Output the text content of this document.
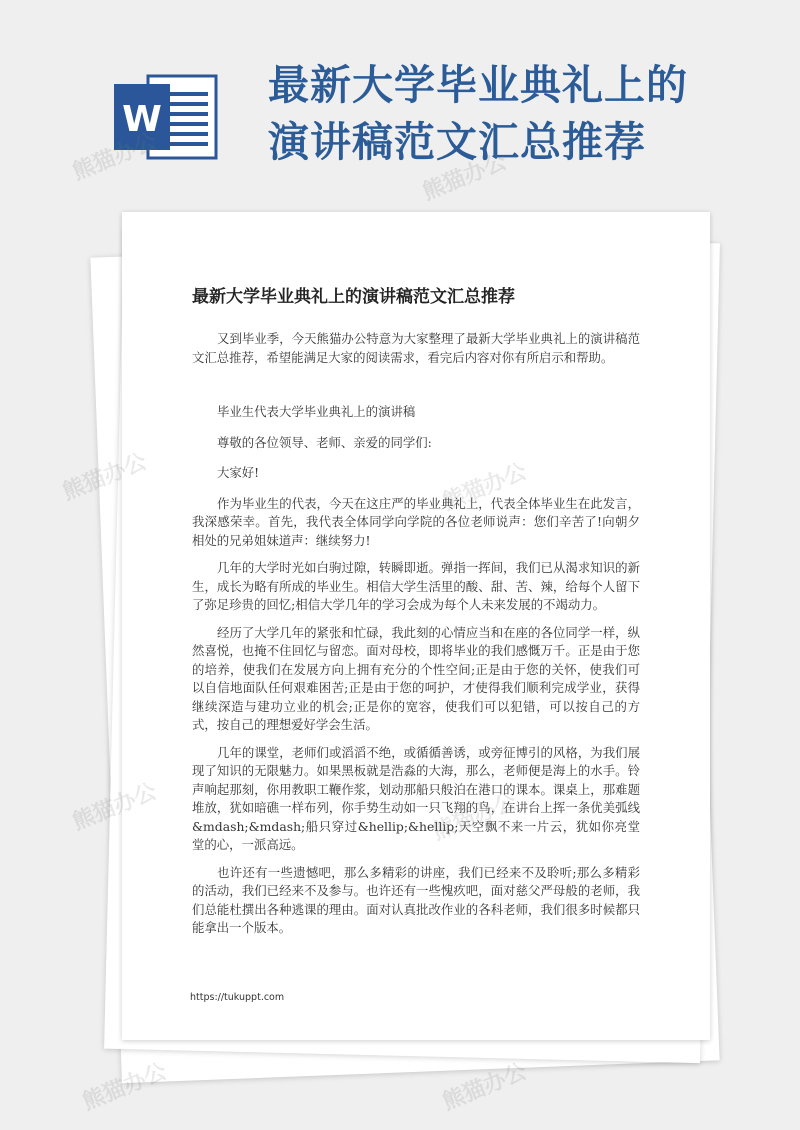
W
最新大学毕业典礼上的
演讲稿范文汇总推荐
最新大学毕业典礼上的演讲稿范文汇总推荐

又到毕业季，今天熊猫办公特意为大家整理了最新大学毕业典礼上的演讲稿范文汇总推荐，希望能满足大家的阅读需求，看完后内容对你有所启示和帮助。

毕业生代表大学毕业典礼上的演讲稿

尊敬的各位领导、老师、亲爱的同学们:

大家好!

作为毕业生的代表，今天在这庄严的毕业典礼上，代表全体毕业生在此发言，我深感荣幸。首先，我代表全体同学向学院的各位老师说声：您们辛苦了!向朝夕相处的兄弟姐妹道声：继续努力!

几年的大学时光如白驹过隙，转瞬即逝。弹指一挥间，我们已从渴求知识的新生，成长为略有所成的毕业生。相信大学生活里的酸、甜、苦、辣，给每个人留下了弥足珍贵的回忆;相信大学几年的学习会成为每个人未来发展的不竭动力。

经历了大学几年的紧张和忙碌，我此刻的心情应当和在座的各位同学一样，纵然喜悦，也掩不住回忆与留恋。面对母校，即将毕业的我们感慨万千。正是由于您的培养，使我们在发展方向上拥有充分的个性空间;正是由于您的关怀，使我们可以自信地面队任何艰难困苦;正是由于您的呵护，才使得我们顺利完成学业，获得继续深造与建功立业的机会;正是你的宽容，使我们可以犯错，可以按自己的方式，按自己的理想爱好学会生活。

几年的课堂，老师们或滔滔不绝，或循循善诱，或旁征博引的风格，为我们展现了知识的无限魅力。如果黑板就是浩淼的大海，那么，老师便是海上的水手。铃声响起那刻，你用教职工鞭作浆，划动那船只般泊在港口的课本。课桌上，那难题堆放，犹如暗礁一样布列，你手势生动如一只飞翔的鸟，在讲台上挥一条优美弧线&mdash;&mdash;船只穿过&hellip;&hellip;天空飘不来一片云，犹如你亮堂堂的心，一派高远。

也许还有一些遗憾吧，那么多精彩的讲座，我们已经来不及聆听;那么多精彩的活动，我们已经来不及参与。也许还有一些愧疚吧，面对慈父严母般的老师，我们总能杜撰出各种逃课的理由。面对认真批改作业的各科老师，我们很多时候都只能拿出一个版本。

https://tukuppt.com
熊猫办公	熊猫办公
